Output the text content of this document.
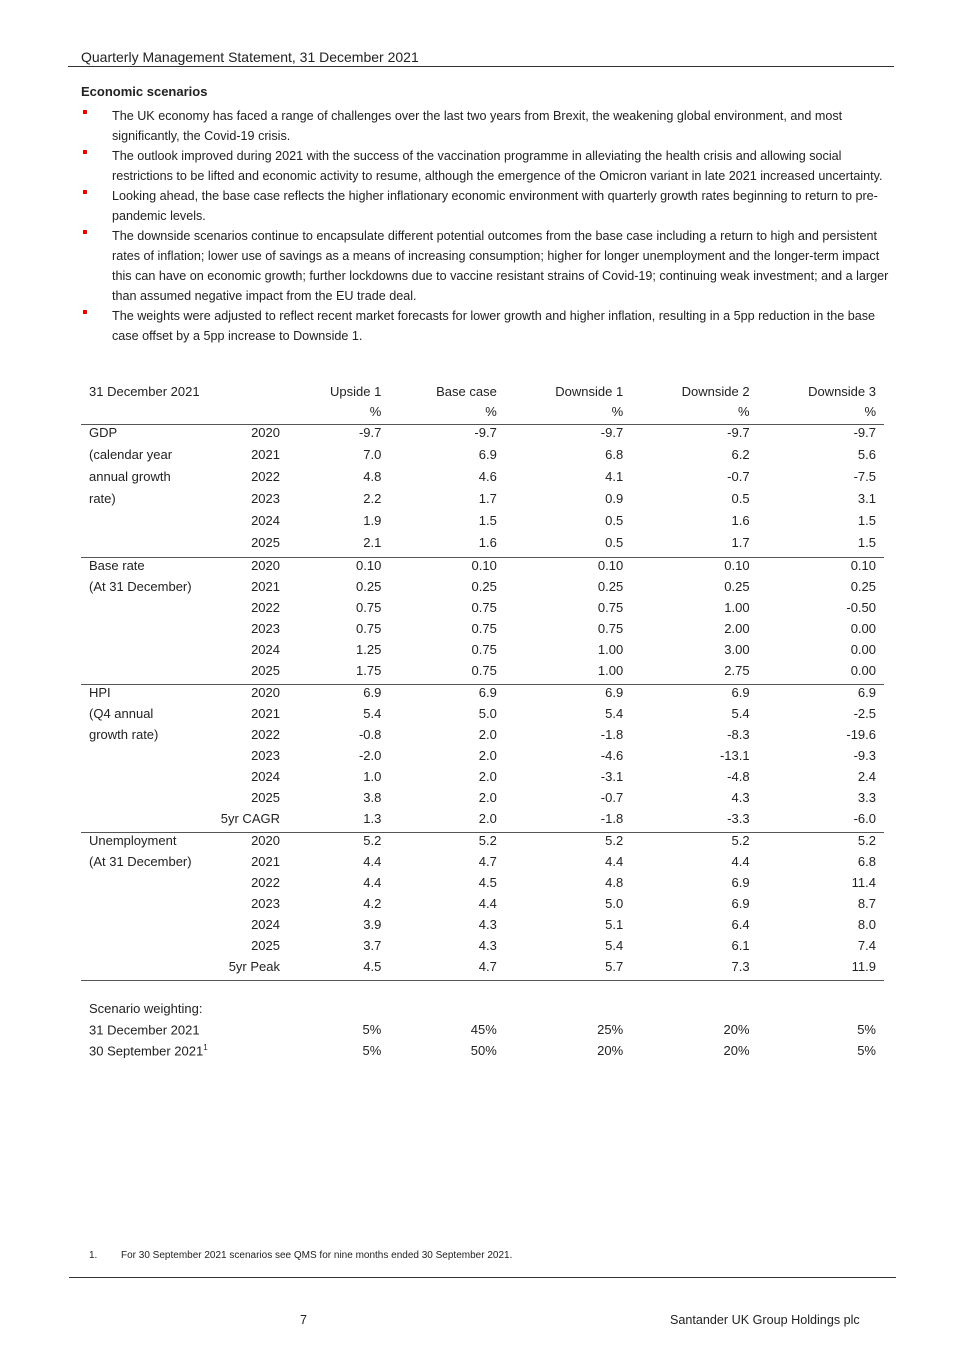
Quarterly Management Statement, 31 December 2021
Economic scenarios
The UK economy has faced a range of challenges over the last two years from Brexit, the weakening global environment, and most significantly, the Covid-19 crisis.
The outlook improved during 2021 with the success of the vaccination programme in alleviating the health crisis and allowing social restrictions to be lifted and economic activity to resume, although the emergence of the Omicron variant in late 2021 increased uncertainty.
Looking ahead, the base case reflects the higher inflationary economic environment with quarterly growth rates beginning to return to pre-pandemic levels.
The downside scenarios continue to encapsulate different potential outcomes from the base case including a return to high and persistent rates of inflation; lower use of savings as a means of increasing consumption; higher for longer unemployment and the longer-term impact this can have on economic growth; further lockdowns due to vaccine resistant strains of Covid-19; continuing weak investment; and a larger than assumed negative impact from the EU trade deal.
The weights were adjusted to reflect recent market forecasts for lower growth and higher inflation, resulting in a 5pp reduction in the base case offset by a 5pp increase to Downside 1.
31 December 2021		Upside 1	Base case	Downside 1	Downside 2	Downside 3
		%	%	%	%	%
GDP	2020	-9.7	-9.7	-9.7	-9.7	-9.7
(calendar year	2021	7.0	6.9	6.8	6.2	5.6
annual growth	2022	4.8	4.6	4.1	-0.7	-7.5
rate)	2023	2.2	1.7	0.9	0.5	3.1
	2024	1.9	1.5	0.5	1.6	1.5
	2025	2.1	1.6	0.5	1.7	1.5
Base rate	2020	0.10	0.10	0.10	0.10	0.10
(At 31 December)	2021	0.25	0.25	0.25	0.25	0.25
	2022	0.75	0.75	0.75	1.00	-0.50
	2023	0.75	0.75	0.75	2.00	0.00
	2024	1.25	0.75	1.00	3.00	0.00
	2025	1.75	0.75	1.00	2.75	0.00
HPI	2020	6.9	6.9	6.9	6.9	6.9
(Q4 annual	2021	5.4	5.0	5.4	5.4	-2.5
growth rate)	2022	-0.8	2.0	-1.8	-8.3	-19.6
	2023	-2.0	2.0	-4.6	-13.1	-9.3
	2024	1.0	2.0	-3.1	-4.8	2.4
	2025	3.8	2.0	-0.7	4.3	3.3
	5yr CAGR	1.3	2.0	-1.8	-3.3	-6.0
Unemployment	2020	5.2	5.2	5.2	5.2	5.2
(At 31 December)	2021	4.4	4.7	4.4	4.4	6.8
	2022	4.4	4.5	4.8	6.9	11.4
	2023	4.2	4.4	5.0	6.9	8.7
	2024	3.9	4.3	5.1	6.4	8.0
	2025	3.7	4.3	5.4	6.1	7.4
	5yr Peak	4.5	4.7	5.7	7.3	11.9

Scenario weighting:						
31 December 2021		5%	45%	25%	20%	5%
30 September 2021$^1$		5%	50%	20%	20%	5%
1. For 30 September 2021 scenarios see QMS for nine months ended 30 September 2021.
7	Santander UK Group Holdings plc
